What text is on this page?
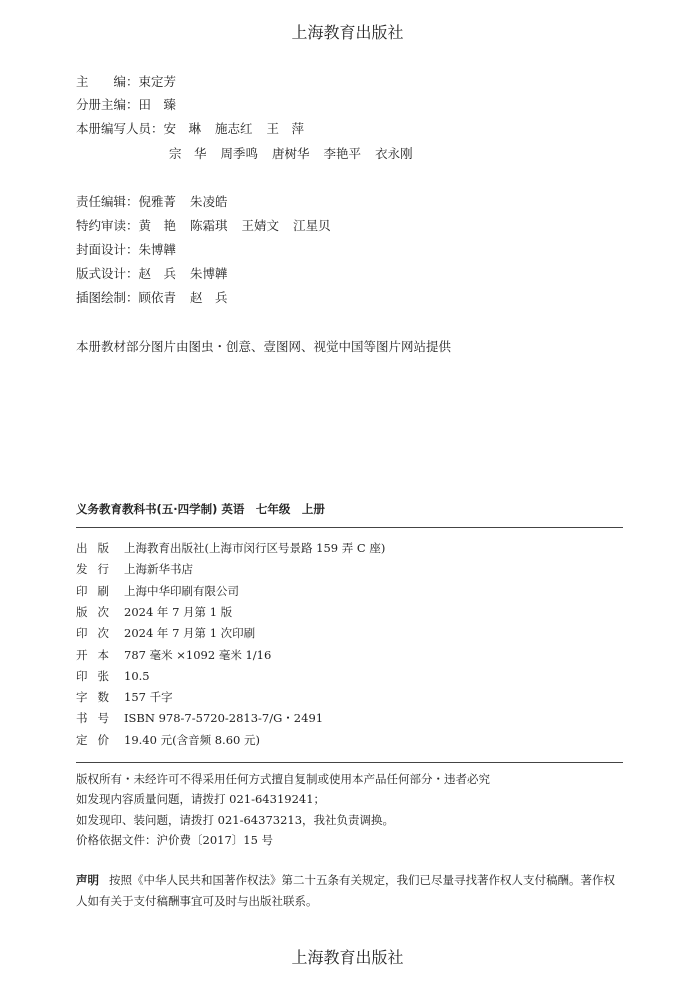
上海教育出版社
主　　编：束定芳
分册主编：田　臻
本册编写人员：安　琳 施志红 王　萍
宗　华 周季鸣 唐树华 李艳平 衣永刚
责任编辑：倪雅菁 朱凌皓
特约审读：黄　艳 陈霜琪 王婧文 江星贝
封面设计：朱博韡
版式设计：赵　兵 朱博韡
插图绘制：顾依青 赵　兵
本册教材部分图片由图虫・创意、壹图网、视觉中国等图片网站提供
义务教育教科书(五·四学制) 英语　七年级　上册
出版 上海教育出版社(上海市闵行区号景路 159 弄 C 座)
发行 上海新华书店
印刷 上海中华印刷有限公司
版次 2024 年 7 月第 1 版
印次 2024 年 7 月第 1 次印刷
开本 787 毫米 ×1092 毫米 1/16
印张 10.5
字数 157 千字
书号 ISBN 978-7-5720-2813-7/G・2491
定价 19.40 元(含音频 8.60 元)
版权所有・未经许可不得采用任何方式擅自复制或使用本产品任何部分・违者必究
如发现内容质量问题，请拨打 021-64319241；
如发现印、装问题，请拨打 021-64373213，我社负责调换。
价格依据文件：沪价费〔2017〕15 号
声明 按照《中华人民共和国著作权法》第二十五条有关规定，我们已尽量寻找著作权人支付稿酬。著作权人如有关于支付稿酬事宜可及时与出版社联系。
上海教育出版社
